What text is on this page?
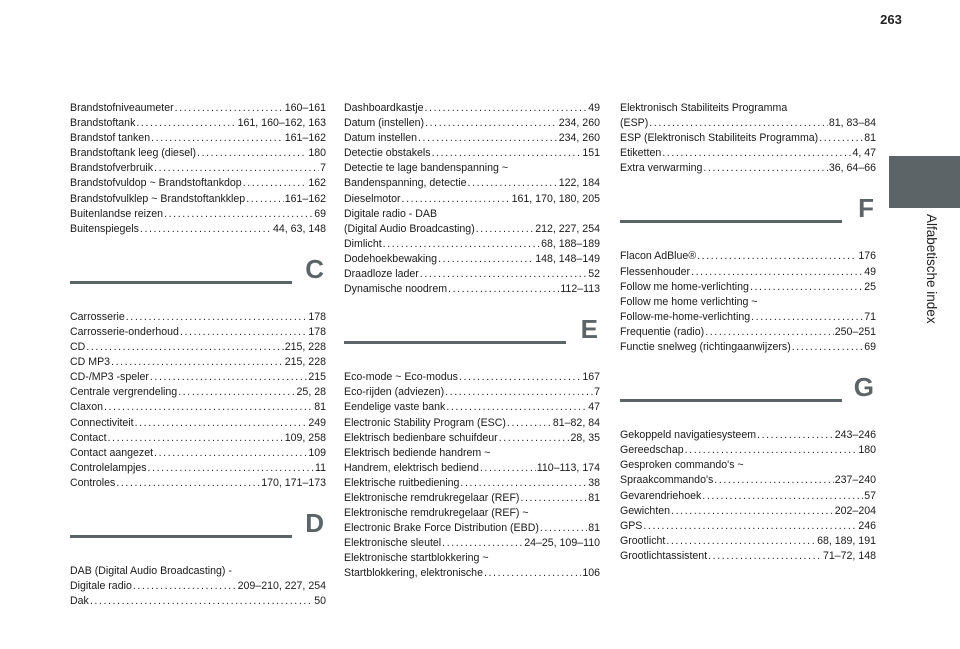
263
Alfabetische index
Brandstofniveaumeter .....	160–161
Brandstoftank .....	161, 160–162, 163
Brandstof tanken .....	161–162
Brandstoftank leeg (diesel) .....	180
Brandstofverbruik .....	7
Brandstofvuldop ~ Brandstoftankdop .....	162
Brandstofvulklep ~ Brandstoftankklep .....	161–162
Buitenlandse reizen .....	69
Buitenspiegels .....	44, 63, 148
C
Carrosserie .....	178
Carrosserie-onderhoud .....	178
CD .....	215, 228
CD MP3 .....	215, 228
CD-/MP3 -speler .....	215
Centrale vergrendeling .....	25, 28
Claxon .....	81
Connectiviteit .....	249
Contact .....	109, 258
Contact aangezet .....	109
Controlelampjes .....	11
Controles .....	170, 171–173
D
DAB (Digital Audio Broadcasting) -
Digitale radio .....	209–210, 227, 254
Dak .....	50
Dashboardkastje .....	49
Datum (instellen) .....	234, 260
Datum instellen .....	234, 260
Detectie obstakels .....	151
Detectie te lage bandenspanning ~
Bandenspanning, detectie .....	122, 184
Dieselmotor .....	161, 170, 180, 205
Digitale radio - DAB
(Digital Audio Broadcasting) .....	212, 227, 254
Dimlicht .....	68, 188–189
Dodehoekbewaking .....	148, 148–149
Draadloze lader .....	52
Dynamische noodrem .....	112–113
E
Eco-mode ~ Eco-modus .....	167
Eco-rijden (adviezen) .....	7
Eendelige vaste bank .....	47
Electronic Stability Program (ESC) .....	81–82, 84
Elektrisch bedienbare schuifdeur .....	28, 35
Elektrisch bediende handrem ~
Handrem, elektrisch bediend .....	110–113, 174
Elektrische ruitbediening .....	38
Elektronische remdrukregelaar (REF) .....	81
Elektronische remdrukregelaar (REF) ~
Electronic Brake Force Distribution (EBD) .....	81
Elektronische sleutel .....	24–25, 109–110
Elektronische startblokkering ~
Startblokkering, elektronische .....	106
Elektronisch Stabiliteits Programma
(ESP) .....	81, 83–84
ESP (Elektronisch Stabiliteits Programma) .....	81
Etiketten .....	4, 47
Extra verwarming .....	36, 64–66
F
Flacon AdBlue® .....	176
Flessenhouder .....	49
Follow me home-verlichting .....	25
Follow me home verlichting ~
Follow-me-home-verlichting .....	71
Frequentie (radio) .....	250–251
Functie snelweg (richtingaanwijzers) .....	69
G
Gekoppeld navigatiesysteem .....	243–246
Gereedschap .....	180
Gesproken commando's ~
Spraakcommando's .....	237–240
Gevarendriehoek .....	57
Gewichten .....	202–204
GPS .....	246
Grootlicht .....	68, 189, 191
Grootlichtassistent .....	71–72, 148
